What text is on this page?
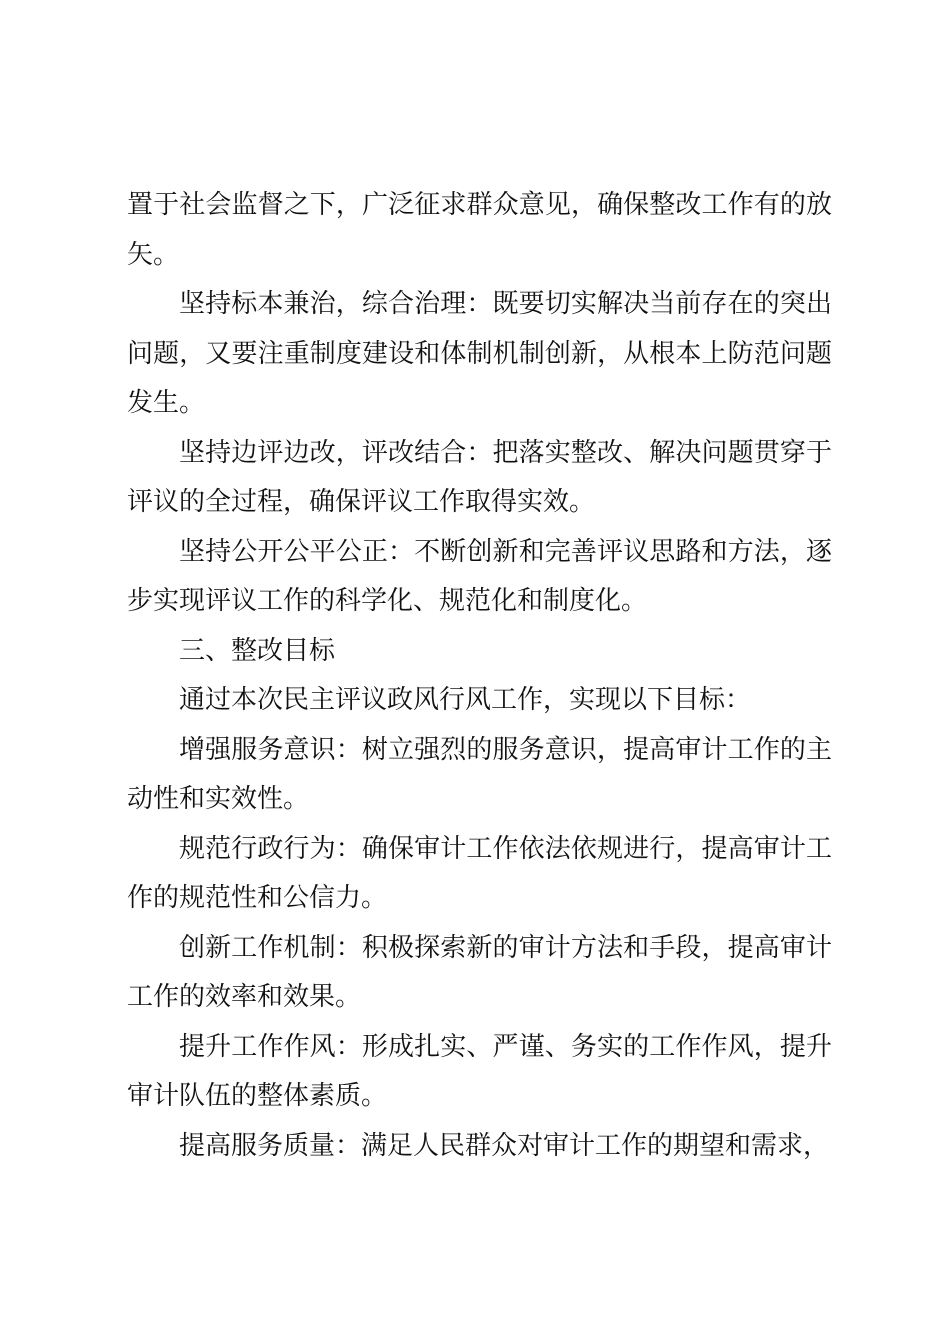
置于社会监督之下，广泛征求群众意见，确保整改工作有的放矢。

坚持标本兼治，综合治理：既要切实解决当前存在的突出问题，又要注重制度建设和体制机制创新，从根本上防范问题发生。

坚持边评边改，评改结合：把落实整改、解决问题贯穿于评议的全过程，确保评议工作取得实效。

坚持公开公平公正：不断创新和完善评议思路和方法，逐步实现评议工作的科学化、规范化和制度化。

三、整改目标

通过本次民主评议政风行风工作，实现以下目标：

增强服务意识：树立强烈的服务意识，提高审计工作的主动性和实效性。

规范行政行为：确保审计工作依法依规进行，提高审计工作的规范性和公信力。

创新工作机制：积极探索新的审计方法和手段，提高审计工作的效率和效果。

提升工作作风：形成扎实、严谨、务实的工作作风，提升审计队伍的整体素质。

提高服务质量：满足人民群众对审计工作的期望和需求，
